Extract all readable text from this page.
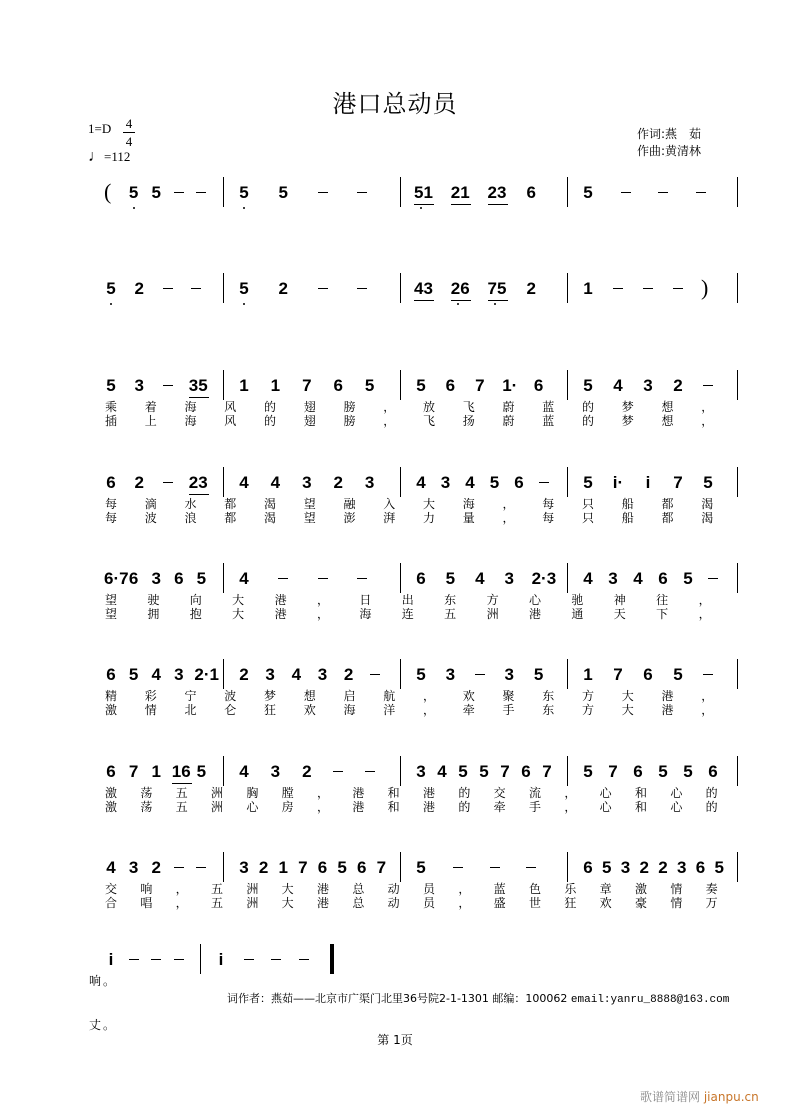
港口总动员
1=D 4
4
♩=112
作词:燕　茹
作曲:黄清林
( 5 5	5 5	51 21 23 6	5
5 2	5 2	43 26 75 2	1	)
5 3	35 1 1 7 6 5 5 6 7 1· 6 5 4 3 2
乘 着 海 风 的 翅 膀 ， 放 飞 蔚 蓝 的 梦 想 ，
插 上 海 风 的 翅 膀 ， 飞 扬 蔚 蓝 的 梦 想 ，
6 2	23 4 4 3 2 3 4 3 4 5 6	5 i· i 7 5
每 滴 水 都 渴 望 融 入 大 海 ， 每 只 船 都 渴
每 波 浪 都 渴 望 澎 湃 力 量 ， 每 只 船 都 渴
6·7 6 3 6 5 4	6 5 4 3 2·3 4 3 4 6 5
望	驶	向	大	港	，	日	出	东	方	心	驰	神	往	，
望	拥	抱	大	港	，	海	连	五	洲	港	通	天	下	，
6 5 4 3 2·1 2 3 4 3 2	5 3	3 5 1 7 6 5
精 彩 宁 波 梦 想 启 航 ， 欢 聚 东 方 大 港 ，
激 情 北 仑 狂 欢 海 洋 ， 牵 手 东 方 大 港 ，
6 7 1 16 5 4 3 2	3 4 5 5 7 6 7 5 7 6 5 5 6
激 荡 五 洲 胸 膛 ， 港 和 港 的 交 流 ， 心 和 心 的
激 荡 五 洲 心 房 ， 港 和 港 的 牵 手 ， 心 和 心 的
4 3 2	3 2 1 7 6 5 6 7 5	6 5 3 2 2 3 6 5
交 响 ， 五 洲 大 港 总 动 员 ， 蓝 色 乐 章 激 情 奏
合 唱 ， 五 洲 大 港 总 动 员 ， 盛 世 狂 欢 豪 情 万
i	i
响 。
丈 。
词作者：燕茹——北京市广渠门北里36号院2-1-1301 邮编：100062 email:yanru_8888@163.com
第 1页
歌谱简谱网 jianpu.cn
